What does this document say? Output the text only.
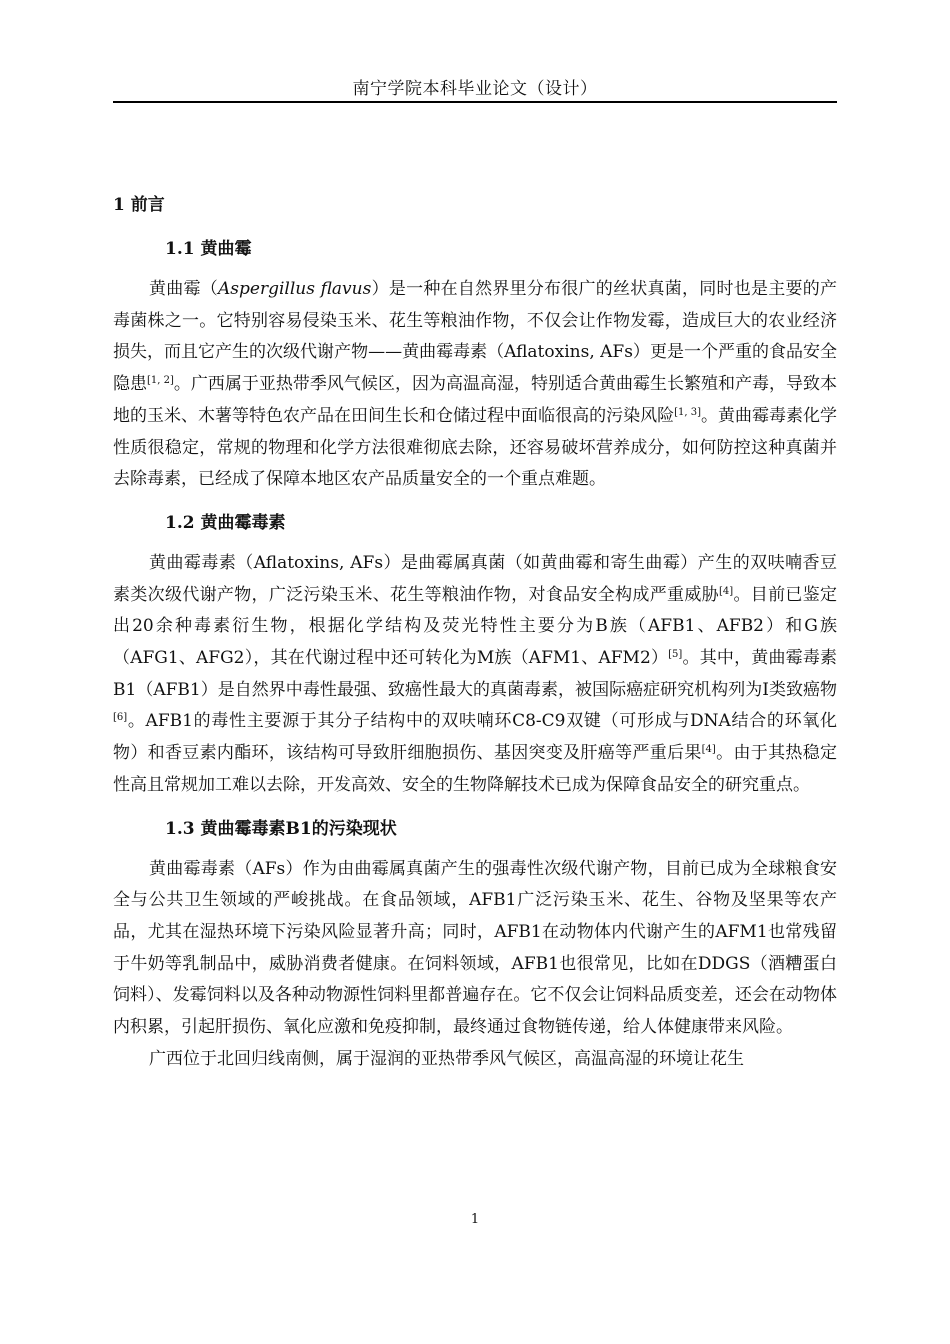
南宁学院本科毕业论文（设计）
1 前言
1.1 黄曲霉

黄曲霉（Aspergillus flavus）是一种在自然界里分布很广的丝状真菌，同时也是主要的产毒菌株之一。它特别容易侵染玉米、花生等粮油作物，不仅会让作物发霉，造成巨大的农业经济损失，而且它产生的次级代谢产物——黄曲霉毒素（Aflatoxins, AFs）更是一个严重的食品安全隐患[1, 2]。广西属于亚热带季风气候区，因为高温高湿，特别适合黄曲霉生长繁殖和产毒，导致本地的玉米、木薯等特色农产品在田间生长和仓储过程中面临很高的污染风险[1, 3]。黄曲霉毒素化学性质很稳定，常规的物理和化学方法很难彻底去除，还容易破坏营养成分，如何防控这种真菌并去除毒素，已经成了保障本地区农产品质量安全的一个重点难题。

1.2 黄曲霉毒素

黄曲霉毒素（Aflatoxins, AFs）是曲霉属真菌（如黄曲霉和寄生曲霉）产生的双呋喃香豆素类次级代谢产物，广泛污染玉米、花生等粮油作物，对食品安全构成严重威胁[4]。目前已鉴定出20余种毒素衍生物，根据化学结构及荧光特性主要分为B族（AFB1、AFB2）和G族（AFG1、AFG2），其在代谢过程中还可转化为M族（AFM1、AFM2）[5]。其中，黄曲霉毒素B1（AFB1）是自然界中毒性最强、致癌性最大的真菌毒素，被国际癌症研究机构列为Ⅰ类致癌物[6]。AFB1的毒性主要源于其分子结构中的双呋喃环C8-C9双键（可形成与DNA结合的环氧化物）和香豆素内酯环，该结构可导致肝细胞损伤、基因突变及肝癌等严重后果[4]。由于其热稳定性高且常规加工难以去除，开发高效、安全的生物降解技术已成为保障食品安全的研究重点。

1.3 黄曲霉毒素B1的污染现状

黄曲霉毒素（AFs）作为由曲霉属真菌产生的强毒性次级代谢产物，目前已成为全球粮食安全与公共卫生领域的严峻挑战。在食品领域，AFB1广泛污染玉米、花生、谷物及坚果等农产品，尤其在湿热环境下污染风险显著升高；同时，AFB1在动物体内代谢产生的AFM1也常残留于牛奶等乳制品中，威胁消费者健康。在饲料领域，AFB1也很常见，比如在DDGS（酒糟蛋白饲料）、发霉饲料以及各种动物源性饲料里都普遍存在。它不仅会让饲料品质变差，还会在动物体内积累，引起肝损伤、氧化应激和免疫抑制，最终通过食物链传递，给人体健康带来风险。

广西位于北回归线南侧，属于湿润的亚热带季风气候区，高温高湿的环境让花生

1
